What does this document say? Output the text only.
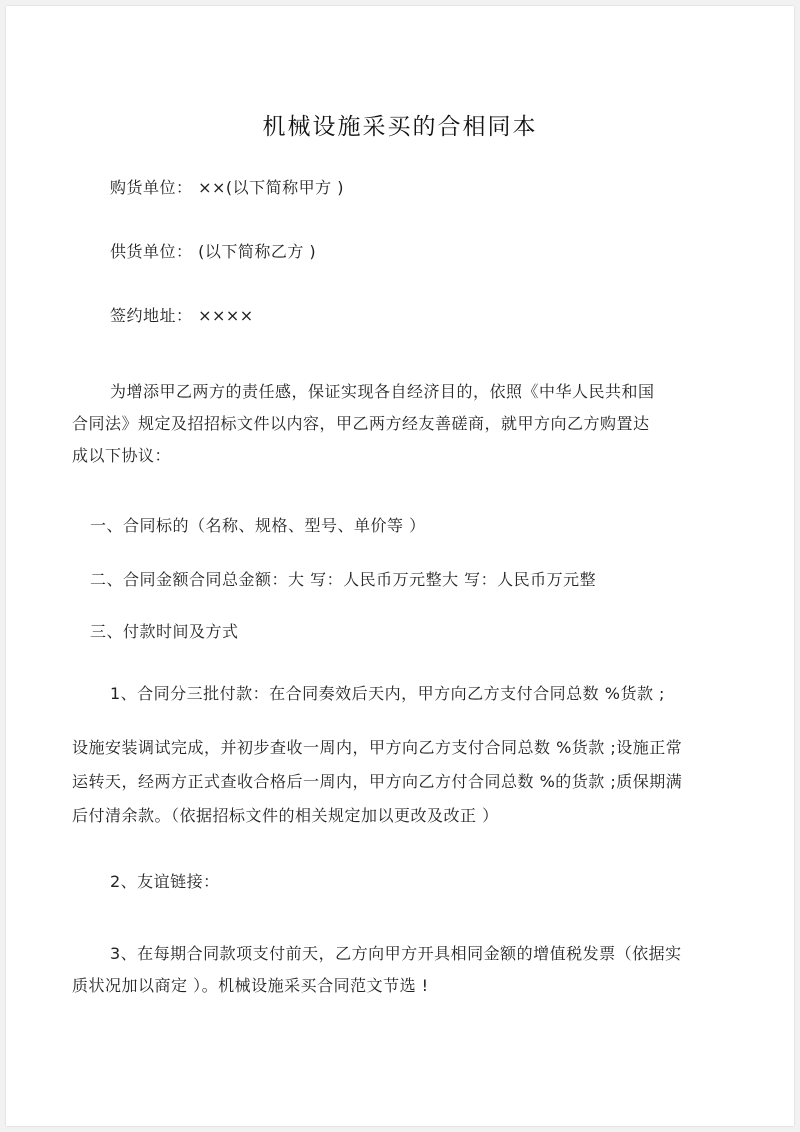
机械设施采买的合相同本
购货单位： ××(以下简称甲方 )
供货单位： (以下简称乙方 )
签约地址： ××××
为增添甲乙两方的责任感，保证实现各自经济目的，依照《中华人民共和国
合同法》规定及招招标文件以内容，甲乙两方经友善磋商，就甲方向乙方购置达
成以下协议：
一、合同标的（名称、规格、型号、单价等 ）
二、合同金额合同总金额：大 写：人民币万元整大 写：人民币万元整
三、付款时间及方式
1、合同分三批付款：在合同奏效后天内，甲方向乙方支付合同总数 %货款 ;
设施安装调试完成，并初步查收一周内，甲方向乙方支付合同总数 %货款 ;设施正常
运转天，经两方正式查收合格后一周内，甲方向乙方付合同总数 %的货款 ;质保期满
后付清余款。（依据招标文件的相关规定加以更改及改正 ）
2、友谊链接：
3、在每期合同款项支付前天，乙方向甲方开具相同金额的增值税发票（依据实
质状况加以商定 ）。机械设施采买合同范文节选 !
